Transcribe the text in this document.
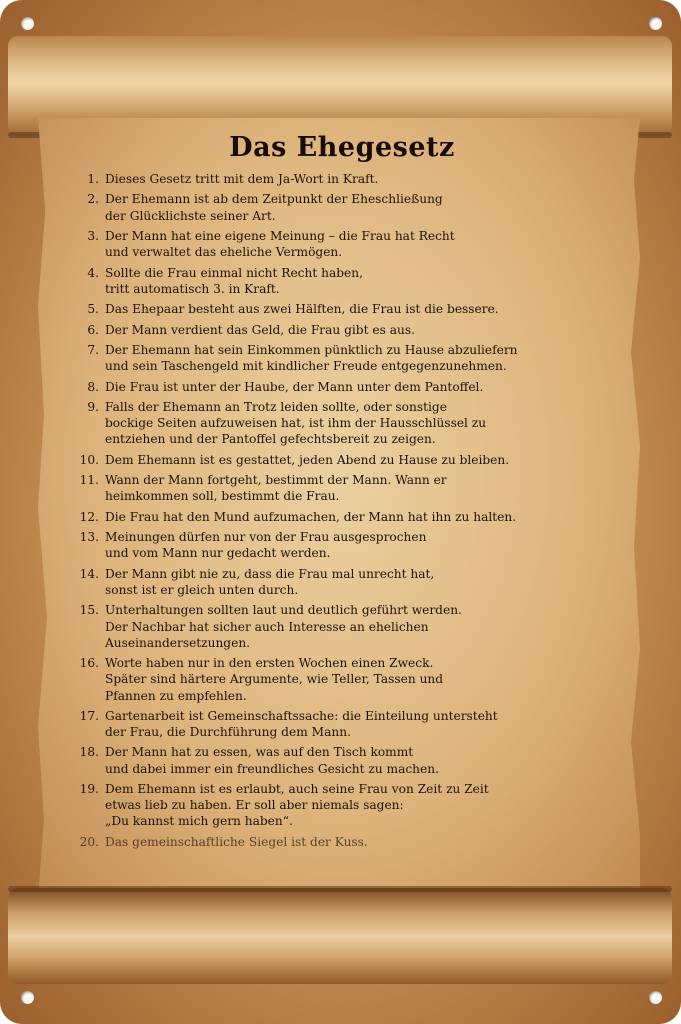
Das Ehegesetz
1. Dieses Gesetz tritt mit dem Ja-Wort in Kraft.
2. Der Ehemann ist ab dem Zeitpunkt der Eheschließung
der Glücklichste seiner Art.
3. Der Mann hat eine eigene Meinung – die Frau hat Recht
und verwaltet das eheliche Vermögen.
4. Sollte die Frau einmal nicht Recht haben,
tritt automatisch 3. in Kraft.
5. Das Ehepaar besteht aus zwei Hälften, die Frau ist die bessere.
6. Der Mann verdient das Geld, die Frau gibt es aus.
7. Der Ehemann hat sein Einkommen pünktlich zu Hause abzuliefern
und sein Taschengeld mit kindlicher Freude entgegenzunehmen.
8. Die Frau ist unter der Haube, der Mann unter dem Pantoffel.
9. Falls der Ehemann an Trotz leiden sollte, oder sonstige
bockige Seiten aufzuweisen hat, ist ihm der Hausschlüssel zu
entziehen und der Pantoffel gefechtsbereit zu zeigen.
10. Dem Ehemann ist es gestattet, jeden Abend zu Hause zu bleiben.
11. Wann der Mann fortgeht, bestimmt der Mann. Wann er
heimkommen soll, bestimmt die Frau.
12. Die Frau hat den Mund aufzumachen, der Mann hat ihn zu halten.
13. Meinungen dürfen nur von der Frau ausgesprochen
und vom Mann nur gedacht werden.
14. Der Mann gibt nie zu, dass die Frau mal unrecht hat,
sonst ist er gleich unten durch.
15. Unterhaltungen sollten laut und deutlich geführt werden.
Der Nachbar hat sicher auch Interesse an ehelichen
Auseinandersetzungen.
16. Worte haben nur in den ersten Wochen einen Zweck.
Später sind härtere Argumente, wie Teller, Tassen und
Pfannen zu empfehlen.
17. Gartenarbeit ist Gemeinschaftssache: die Einteilung untersteht
der Frau, die Durchführung dem Mann.
18. Der Mann hat zu essen, was auf den Tisch kommt
und dabei immer ein freundliches Gesicht zu machen.
19. Dem Ehemann ist es erlaubt, auch seine Frau von Zeit zu Zeit
etwas lieb zu haben. Er soll aber niemals sagen:
„Du kannst mich gern haben“.
20. Das gemeinschaftliche Siegel ist der Kuss.
